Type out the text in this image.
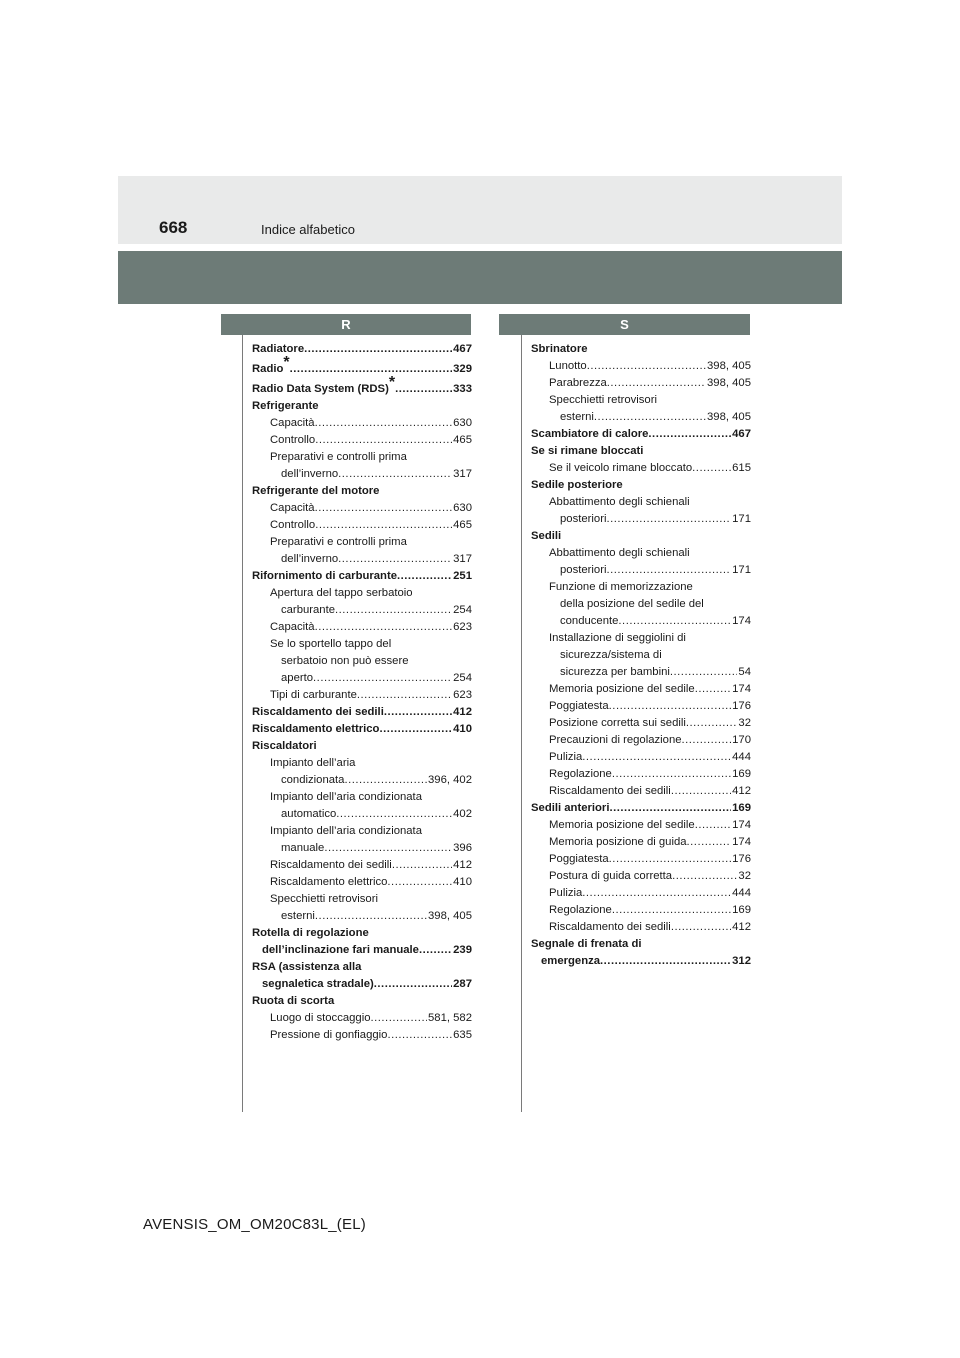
668	Indice alfabetico
R	S
Radiatore .....	467
Radio* .....	329
Radio Data System (RDS)* .....	333
Refrigerante
Capacità .....	630
Controllo .....	465
Preparativi e controlli prima
dell’inverno .....	317
Refrigerante del motore
Capacità .....	630
Controllo .....	465
Preparativi e controlli prima
dell’inverno .....	317
Rifornimento di carburante .....	251
Apertura del tappo serbatoio
carburante .....	254
Capacità .....	623
Se lo sportello tappo del
serbatoio non può essere
aperto .....	254
Tipi di carburante .....	623
Riscaldamento dei sedili .....	412
Riscaldamento elettrico .....	410
Riscaldatori
Impianto dell’aria
condizionata .....	396, 402
Impianto dell’aria condizionata
automatico .....	402
Impianto dell’aria condizionata
manuale .....	396
Riscaldamento dei sedili .....	412
Riscaldamento elettrico .....	410
Specchietti retrovisori
esterni .....	398, 405
Rotella di regolazione
dell’inclinazione fari manuale .....	239
RSA (assistenza alla
segnaletica stradale) .....	287
Ruota di scorta
Luogo di stoccaggio .....	581, 582
Pressione di gonfiaggio .....	635
Sbrinatore
Lunotto .....	398, 405
Parabrezza .....	398, 405
Specchietti retrovisori
esterni .....	398, 405
Scambiatore di calore .....	467
Se si rimane bloccati
Se il veicolo rimane bloccato .....	615
Sedile posteriore
Abbattimento degli schienali
posteriori .....	171
Sedili
Abbattimento degli schienali
posteriori .....	171
Funzione di memorizzazione
della posizione del sedile del
conducente .....	174
Installazione di seggiolini di
sicurezza/sistema di
sicurezza per bambini .....	54
Memoria posizione del sedile .....	174
Poggiatesta .....	176
Posizione corretta sui sedili .....	32
Precauzioni di regolazione .....	170
Pulizia .....	444
Regolazione .....	169
Riscaldamento dei sedili .....	412
Sedili anteriori .....	169
Memoria posizione del sedile .....	174
Memoria posizione di guida .....	174
Poggiatesta .....	176
Postura di guida corretta .....	32
Pulizia .....	444
Regolazione .....	169
Riscaldamento dei sedili .....	412
Segnale di frenata di
emergenza .....	312
AVENSIS_OM_OM20C83L_(EL)
